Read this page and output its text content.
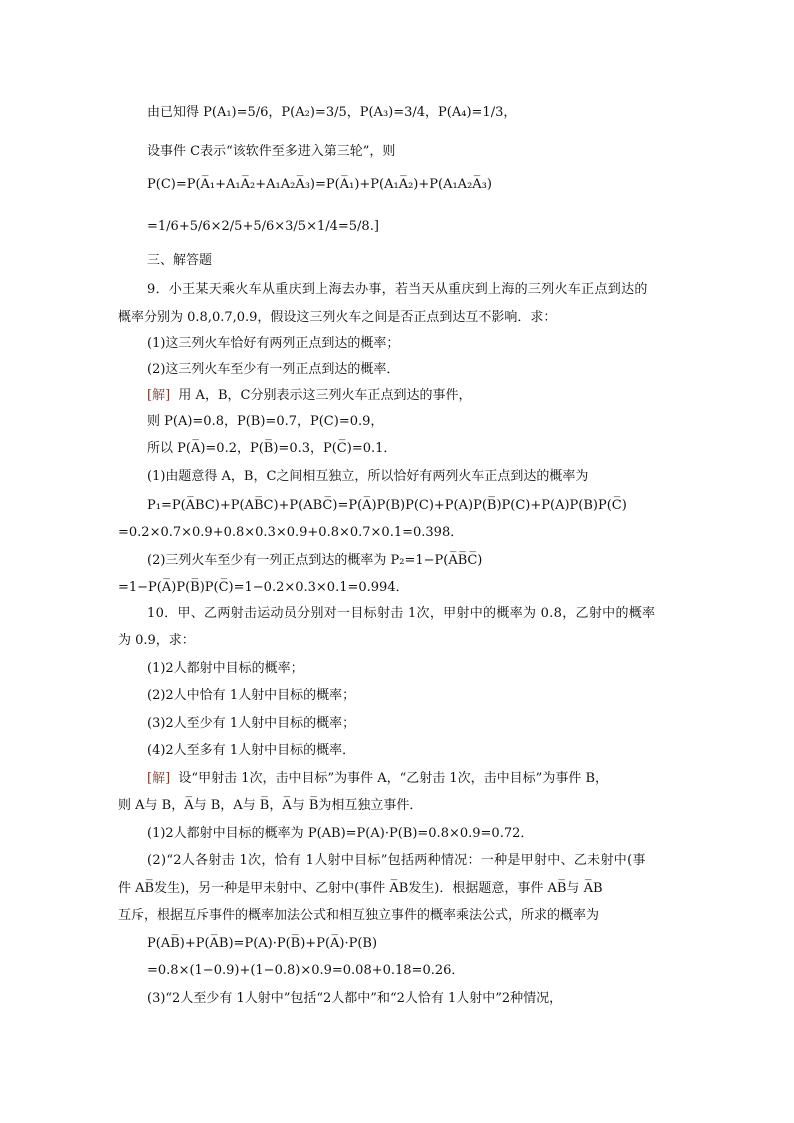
由已知得 P(A₁)=5/6，P(A₂)=3/5，P(A₃)=3/4，P(A₄)=1/3，
设事件 C表示“该软件至多进入第三轮”，则
P(C)=P(A̅₁+A₁A̅₂+A₁A₂A̅₃)=P(A̅₁)+P(A₁A̅₂)+P(A₁A₂A̅₃)
=1/6+5/6×2/5+5/6×3/5×1/4=5/8.]
三、解答题
9．小王某天乘火车从重庆到上海去办事，若当天从重庆到上海的三列火车正点到达的
概率分别为 0.8,0.7,0.9，假设这三列火车之间是否正点到达互不影响．求：
(1)这三列火车恰好有两列正点到达的概率；
(2)这三列火车至少有一列正点到达的概率．
[解] 用 A，B，C分别表示这三列火车正点到达的事件，
则 P(A)=0.8，P(B)=0.7，P(C)=0.9，
所以 P(A̅)=0.2，P(B̅)=0.3，P(C̅)=0.1．
(1)由题意得 A，B，C之间相互独立，所以恰好有两列火车正点到达的概率为
P₁=P(A̅BC)+P(AB̅C)+P(ABC̅)=P(A̅)P(B)P(C)+P(A)P(B̅)P(C)+P(A)P(B)P(C̅)
=0.2×0.7×0.9+0.8×0.3×0.9+0.8×0.7×0.1=0.398．
(2)三列火车至少有一列正点到达的概率为 P₂=1−P(A̅B̅C̅)
=1−P(A̅)P(B̅)P(C̅)=1−0.2×0.3×0.1=0.994．
10．甲、乙两射击运动员分别对一目标射击 1次，甲射中的概率为 0.8，乙射中的概率
为 0.9，求：
(1)2人都射中目标的概率；
(2)2人中恰有 1人射中目标的概率；
(3)2人至少有 1人射中目标的概率；
(4)2人至多有 1人射中目标的概率．
[解] 设“甲射击 1次，击中目标”为事件 A，“乙射击 1次，击中目标”为事件 B，
则 A与 B，A̅与 B，A与 B̅，A̅与 B̅为相互独立事件．
(1)2人都射中目标的概率为 P(AB)=P(A)·P(B)=0.8×0.9=0.72．
(2)“2人各射击 1次，恰有 1人射中目标”包括两种情况：一种是甲射中、乙未射中(事
件 AB̅发生)，另一种是甲未射中、乙射中(事件 A̅B发生)．根据题意，事件 AB̅与 A̅B
互斥，根据互斥事件的概率加法公式和相互独立事件的概率乘法公式，所求的概率为
P(AB̅)+P(A̅B)=P(A)·P(B̅)+P(A̅)·P(B)
=0.8×(1−0.9)+(1−0.8)×0.9=0.08+0.18=0.26．
(3)“2人至少有 1人射中”包括“2人都中”和“2人恰有 1人射中”2种情况，
